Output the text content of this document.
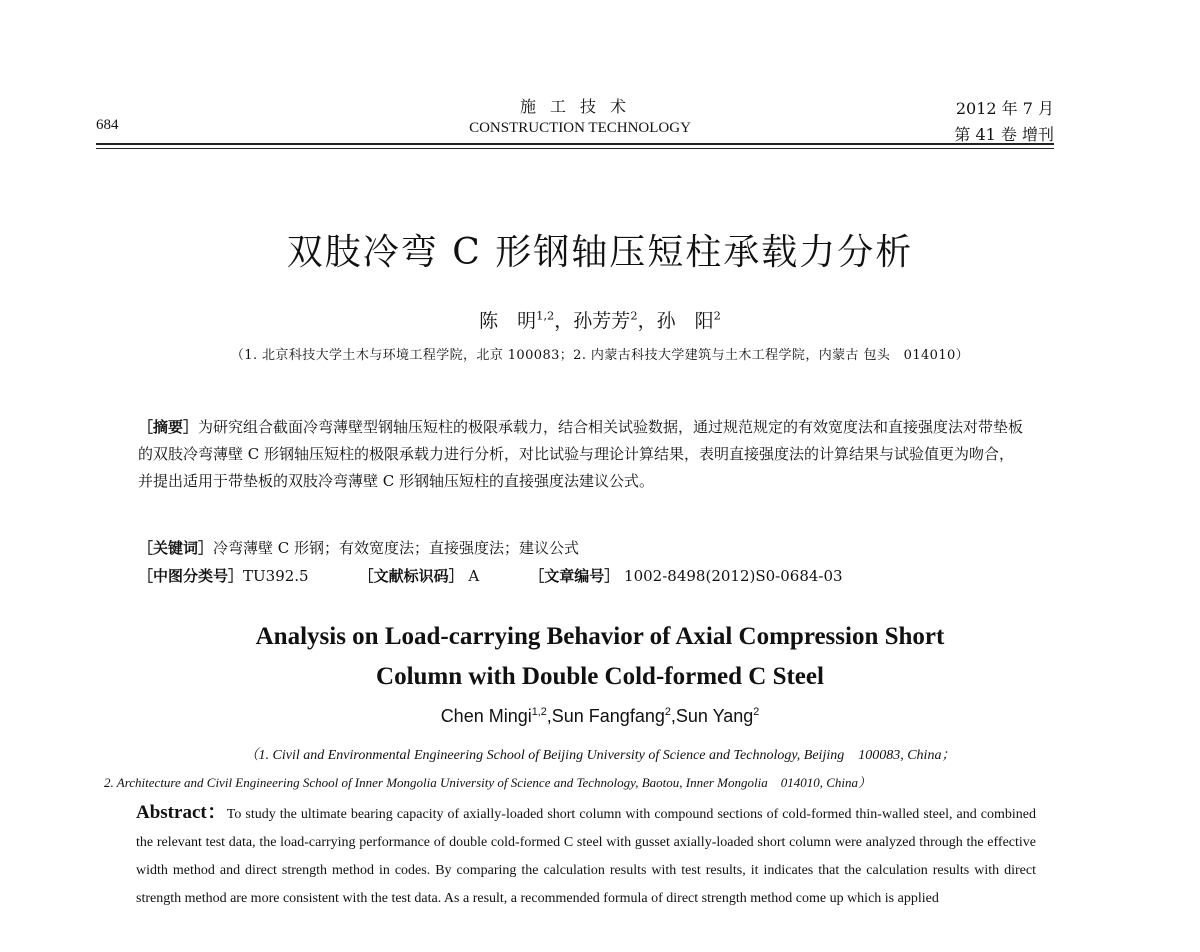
684
施工技术
CONSTRUCTION TECHNOLOGY
2012 年 7 月
第 41 卷 增刊
双肢冷弯 C 形钢轴压短柱承载力分析
陈　明$^{1,2}$，孙芳芳$^2$，孙　阳$^2$
（1. 北京科技大学土木与环境工程学院，北京 100083；2. 内蒙古科技大学建筑与土木工程学院，内蒙古 包头　014010）
［摘要］为研究组合截面冷弯薄壁型钢轴压短柱的极限承载力，结合相关试验数据，通过规范规定的有效宽度法和直接强度法对带垫板的双肢冷弯薄壁 C 形钢轴压短柱的极限承载力进行分析，对比试验与理论计算结果，表明直接强度法的计算结果与试验值更为吻合，并提出适用于带垫板的双肢冷弯薄壁 C 形钢轴压短柱的直接强度法建议公式。
［关键词］冷弯薄壁 C 形钢；有效宽度法；直接强度法；建议公式
［中图分类号］TU392.5	［文献标识码］ A	［文章编号］ 1002-8498(2012)S0-0684-03
Analysis on Load-carrying Behavior of Axial Compression Short
Column with Double Cold-formed C Steel
Chen Mingi$^{1,2}$,Sun Fangfang$^2$,Sun Yang$^2$
（1. Civil and Environmental Engineering School of Beijing University of Science and Technology, Beijing　100083, China；
2. Architecture and Civil Engineering School of Inner Mongolia University of Science and Technology, Baotou, Inner Mongolia　014010, China）
Abstract：To study the ultimate bearing capacity of axially-loaded short column with compound sections of cold-formed thin-walled steel, and combined the relevant test data, the load-carrying performance of double cold-formed C steel with gusset axially-loaded short column were analyzed through the effective width method and direct strength method in codes. By comparing the calculation results with test results, it indicates that the calculation results with direct strength method are more consistent with the test data. As a result, a recommended formula of direct strength method come up which is applied
